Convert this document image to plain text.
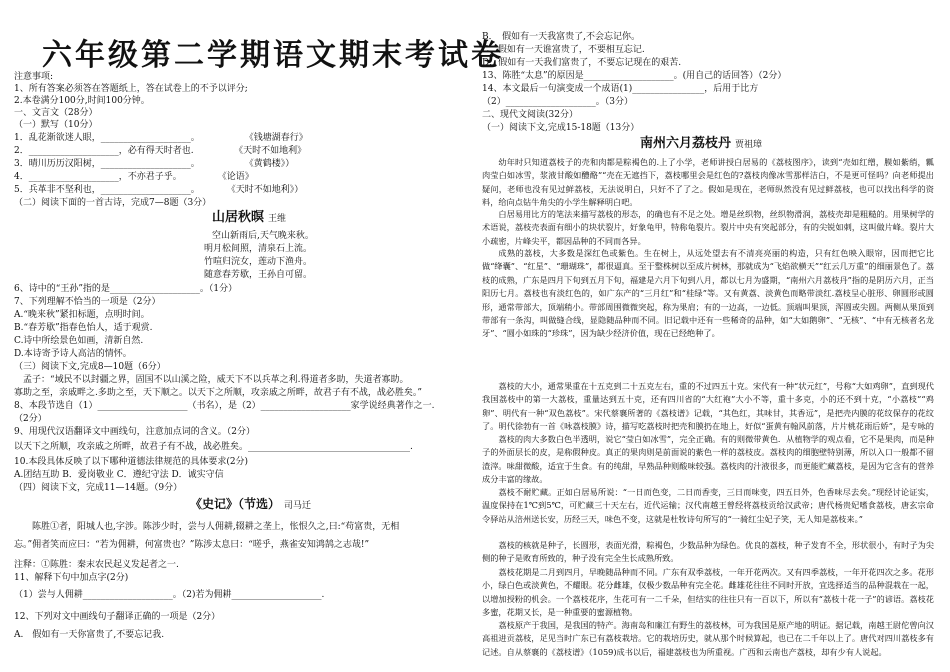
六年级第二学期语文期末考试卷
注意事项:
1、所有答案必须答在答题纸上，答在试卷上的不予以评分;
2.本卷满分100分,时间100分钟。
一、文言文（28分）
（一）默写（10分）
1．乱花渐欲迷人眼，____________________。　　　　　　《钱塘湖春行》
2．____________________，必有得天时者也.　　　　　《天时不如地利》
3．晴川历历汉阳树，____________________。　　　　　　《黄鹤楼》）
4．____________________，不亦君子乎。　　　　　《论语》
5．兵革非不坚利也，____________________。　　　　《天时不如地利》）
（二）阅读下面的一首古诗，完成7—8题（3分）
山居秋暝 王维
空山新雨后,天气晚来秋。
明月松间照，清泉石上流。
竹喧归浣女，莲动下渔舟。
随意春芳歇，王孙自可留。
6、诗中的“王孙”指的是____________________。（1分）
7、下列理解不恰当的一项是（2分）
A.“晚来秋”紧扣标题，点明时间。
B.“春芳歇”指春色怡人，适于观赏.
C.诗中所绘景色如画，清新自然.
D.本诗寄予诗人高洁的情怀。
（三）阅读下文,完成8—10题（6分）
　孟子：“域民不以封疆之界，固国不以山溪之险，威天下不以兵革之利.得道者多助，失道者寡助。
寡助之至，亲戚畔之.多助之至，天下顺之。以天下之所顺，攻亲戚之所畔，故君子有不战，战必胜矣。”
8、本段节选自（1）____________________（书名），是（2）____________________家学说经典著作之一.
（2分）
9、用现代汉语翻译文中画线句，注意加点词的含义。（2分）
以天下之所顺，攻亲戚之所畔，故君子有不战，战必胜矣。____________________________________.
10.本段具体反映了以下哪种道德法律规范的具体要求(2分)
A.团结互助 B．爱岗敬业 C．遵纪守法 D．诚实守信
（四）阅读下文，完成11—14题。（9分）
《史记》（节选） 司马迁
　　陈胜①者，阳城人也,字涉。陈涉少时，尝与人佣耕,辍耕之垄上，怅恨久之,曰:“苟富贵，无相
忘。”佣者笑而应曰：“若为佣耕，何富贵也？”陈涉太息曰：“嗟乎，燕雀安知鸿鹄之志哉!”
注释：①陈胜：秦末农民起义发起者之一.
11、解释下句中加点字(2分)
（1）尝与人佣耕____________________。（2)若为佣耕____________________.
12、下列对文中画线句子翻译正确的一项是（2分）
A.　假如有一天你富贵了,不要忘记我.
B．　假如有一天我富贵了,不会忘记你。
C．假如有一天谁富贵了，不要相互忘记.
D．假如有一天我们富贵了，不要忘记现在的艰苦.
13、陈胜“太息”的原因是____________________。(用自己的话回答）（2分）
14、本文最后一句演变成一个成语(1)________________，后用于比方
（2）____________________。（3分）
二、现代文阅读(32分）
（一）阅读下文,完成15-18题（13分）
南州六月荔枝丹 贾祖璋
幼年时只知道荔枝子的壳和肉都是粽褐色的.上了小学，老师讲授白居易的《荔枝图序》，读到“壳如红缯，膜如紫绡，瓤肉莹白如冰雪，浆液甘酸如醴酪”“壳在无遮挡下，荔枝哪里会是红色的?荔枝肉像冰雪那样洁白，不是更可怪吗？向老师提出疑问，老师也没有见过鲜荔枝，无法说明白，只好不了了之。假如是现在，老师纵然没有见过鲜荔枝，也可以找出科学的资料，给向点钻牛角尖的小学生解释明白吧。
白居易用比方的笔法来描写荔枝的形态，的确也有不足之处。增是丝织物，丝织物滑润，荔枝壳却是粗糙的。用果树学的术语说，荔枝壳表面有细小的块状裂片，好象龟甲，特称龟裂片。裂片中央有突起部分，有的尖锐如刺，这叫做片峰。裂片大小疏密，片峰尖平，都因品种的不同而各异。
成熟的荔枝，大多数是深红色或紫色。生在树上，从远处望去有不清亮亮丽的构造，只有红色映入眼帘，因而把它比做“绛囊”、“红星”、“珊瑚珠”，都很逼真。至于整株树以至成片树林，那就成为“飞焰欲横天”“红云几万重”的细丽景色了。荔枝的成熟，广东是四月下旬到五月下旬，福建是六月下旬到八月，都以七月为盛期，“南州六月荔枝丹”指的是阴历六月，正当阳历七月。荔枝也有淡红色的，如广东产的“三月红”和“桂绿”等。又有黄荔、淡黄色而略带淡红.荔枝呈心脏形、卵圆形或圆形，通常带部大，顶端稍小。带部周围微微突起，称为果肩；有的一边高，一边低。顶端叫果顶，浑圆或尖圆。两侧从果顶到带部有一条沟，叫做缝合线，显隐随品种而不同。旧记载中还有一些稀奇的品种，如“大如鹅卵”、“无核”、“中有无核者名龙牙”、“圆小如珠的“珍珠”，因为缺少经济价值，现在已经绝种了。
荔枝的大小，通常果重在十五克到二十五克左右，重的不过四五十克。宋代有一种“状元红”，号称“大如鸡卵”，直到现代我国荔枝中的第一大荔枝，重量达到五十克，还有四川省的“大红袍”大小不等，重十多克，小的还不到十克，“小荔枝”“鸡卵”、明代有一种“双色荔枝”。宋代蔡襄所著的《荔枝谱》记载，“其色红，其味甘，其香远”，是把壳内膜的花纹保存的花纹了。明代徐勃有一首《咏荔枝膜》诗，描写吃荔枝时把壳和膜扔在地上，好似“蛋黄有翰风前落，片片桃花雨后娇”，是专咏的
荔枝的肉大多数白色半透明，说它“莹白如冰雪”，完全正确。有的则微带黄色．从植物学的观点看，它不是果肉，而是种子的外面层长的皮，是称假种皮。真正的果肉则是前面说的紫色一样的荔枝皮。荔枝肉的细胞壁特别薄，所以入口一般都不留渣滓。味甜微酸，适宜于生食。有的纯甜，早熟品种则酸味较强。荔枝肉的汁液很多，而更能贮藏荔枝，是因为它含有的营养成分丰富的缘故。
荔枝不耐贮藏。正如白居易所说：“一日而色变，二日而香变，三日而味变，四五日外，色香味尽去矣。”现经讨论证实，温度保持在1℃到5℃，可贮藏三十天左右，近代运输；汉代南越王曾经将荔枝贡给汉武帝；唐代杨贵妃嗜食荔枝，唐玄宗命令驿站从涪州送长安，历经三天，味色不变，这就是杜牧诗句所写的“一骑红尘妃子笑，无人知是荔枝来。”
荔枝的核就是种子，长圆形，表面光滑，粽褐色，少数品种为绿色。优良的荔枝，种子发育不全，形状很小，有时子为尖侧的种子是败育所致的，种子没有完全生长成熟所致。
荔枝花期是二月到四月，早晚随品种而不同。广东有双季荔枝，一年开花两次。又有四季荔枝，一年开花四次之多。花形小，绿白色或淡黄色，不耀眼。花分雌雄，仅极少数品种有完全花。雌雄花往往不同时开放，宜选择适当的品种混栽在一起，以增加授粉的机会。一个荔枝花序，生花可有一二千朵，但结实的往往只有一百以下，所以有“荔枝十花一子”的谚语。荔枝花多蜜，花期又长，是一种重要的蜜源植物。
荔枝原产于我国，是我国的特产。海南岛和廉江有野生的荔枝林，可为我国是原产地的明证。据记载，南越王尉佗曾向汉高祖进贡荔枝，足见当时广东已有荔枝栽培。它的栽培历史，就从那个时候算起，也已在二千年以上了。唐代对四川荔枝多有记述。自从蔡襄的《荔枝谱》（1059)成书以后，福建荔枝也为所重视。广西和云南也产荔枝，却有少有人说起。
